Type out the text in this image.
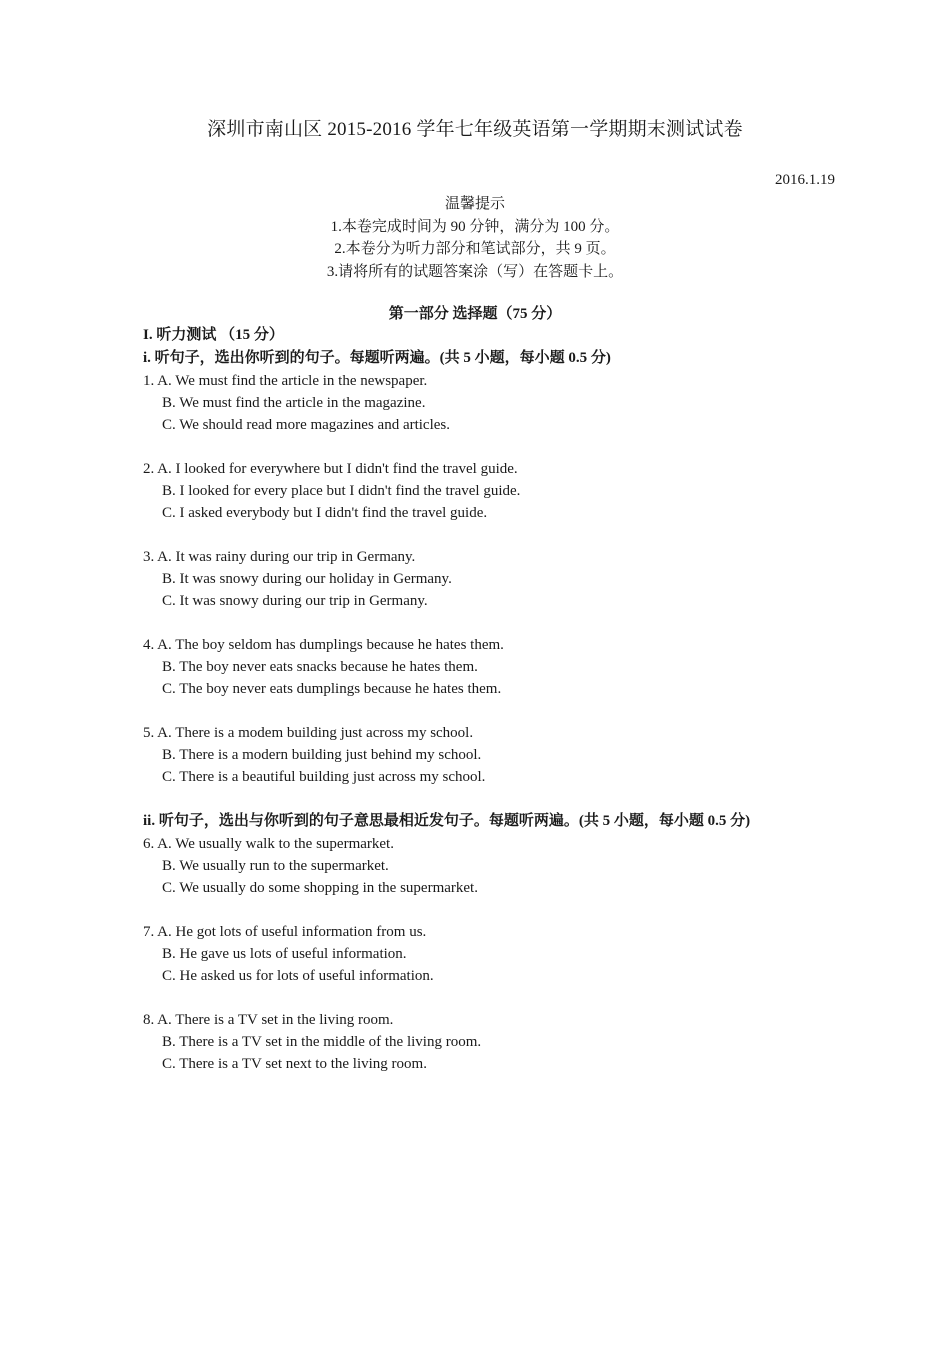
深圳市南山区 2015-2016 学年七年级英语第一学期期末测试试卷
2016.1.19
温馨提示
1.本卷完成时间为 90 分钟，满分为 100 分。
2.本卷分为听力部分和笔试部分，共 9 页。
3.请将所有的试题答案涂（写）在答题卡上。
第一部分 选择题（75 分）
I. 听力测试 （15 分）
i. 听句子，选出你听到的句子。每题听两遍。(共 5 小题，每小题 0.5 分)
1. A. We must find the article in the newspaper.
B. We must find the article in the magazine.
C. We should read more magazines and articles.
2. A. I looked for everywhere but I didn't find the travel guide.
B. I looked for every place but I didn't find the travel guide.
C. I asked everybody but I didn't find the travel guide.
3. A. It was rainy during our trip in Germany.
B. It was snowy during our holiday in Germany.
C. It was snowy during our trip in Germany.
4. A. The boy seldom has dumplings because he hates them.
B. The boy never eats snacks because he hates them.
C. The boy never eats dumplings because he hates them.
5. A. There is a modem building just across my school.
B. There is a modern building just behind my school.
C. There is a beautiful building just across my school.
ii. 听句子，选出与你听到的句子意思最相近发句子。每题听两遍。(共 5 小题，每小题 0.5 分)
6. A. We usually walk to the supermarket.
B. We usually run to the supermarket.
C. We usually do some shopping in the supermarket.
7. A. He got lots of useful information from us.
B. He gave us lots of useful information.
C. He asked us for lots of useful information.
8. A. There is a TV set in the living room.
B. There is a TV set in the middle of the living room.
C. There is a TV set next to the living room.
